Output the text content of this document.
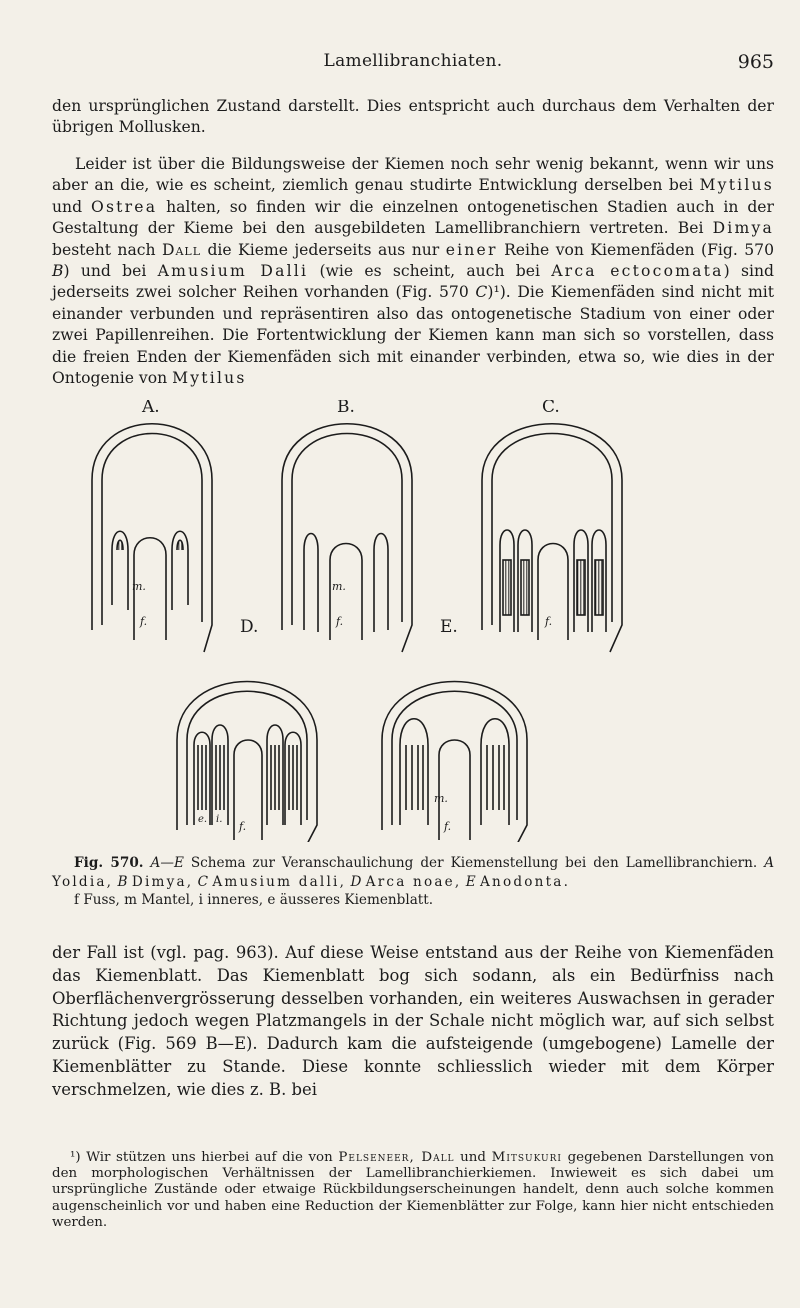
Lamellibranchiaten.	965
den ursprünglichen Zustand darstellt. Dies entspricht auch durchaus dem Verhalten der übrigen Mollusken.
Leider ist über die Bildungsweise der Kiemen noch sehr wenig bekannt, wenn wir uns aber an die, wie es scheint, ziemlich genau studirte Entwicklung derselben bei Mytilus und Ostrea halten, so finden wir die einzelnen ontogenetischen Stadien auch in der Gestaltung der Kieme bei den ausgebildeten Lamellibranchiern vertreten. Bei Dimya besteht nach Dall die Kieme jederseits aus nur einer Reihe von Kiemenfäden (Fig. 570 B) und bei Amusium Dalli (wie es scheint, auch bei Arca ectocomata) sind jederseits zwei solcher Reihen vorhanden (Fig. 570 C)¹). Die Kiemenfäden sind nicht mit einander verbunden und repräsentiren also das ontogenetische Stadium von einer oder zwei Papillenreihen. Die Fortentwicklung der Kiemen kann man sich so vorstellen, dass die freien Enden der Kiemenfäden sich mit einander verbinden, etwa so, wie dies in der Ontogenie von Mytilus
A.	B.	C.
D.	E.
m.	m.
m.
f.	f.	f.
f.	f.
e. i.
Fig. 570. A—E Schema zur Veranschaulichung der Kiemenstellung bei den Lamellibranchiern. A Yoldia, B Dimya, C Amusium dalli, D Arca noae, E Anodonta.
f Fuss, m Mantel, i inneres, e äusseres Kiemenblatt.
der Fall ist (vgl. pag. 963). Auf diese Weise entstand aus der Reihe von Kiemenfäden das Kiemenblatt. Das Kiemenblatt bog sich sodann, als ein Bedürfniss nach Oberflächenvergrösserung desselben vorhanden, ein weiteres Auswachsen in gerader Richtung jedoch wegen Platzmangels in der Schale nicht möglich war, auf sich selbst zurück (Fig. 569 B—E). Dadurch kam die aufsteigende (umgebogene) Lamelle der Kiemenblätter zu Stande. Diese konnte schliesslich wieder mit dem Körper verschmelzen, wie dies z. B. bei
¹) Wir stützen uns hierbei auf die von Pelseneer, Dall und Mitsukuri gegebenen Darstellungen von den morphologischen Verhältnissen der Lamellibranchierkiemen. Inwieweit es sich dabei um ursprüngliche Zustände oder etwaige Rückbildungserscheinungen handelt, denn auch solche kommen augenscheinlich vor und haben eine Reduction der Kiemenblätter zur Folge, kann hier nicht entschieden werden.
